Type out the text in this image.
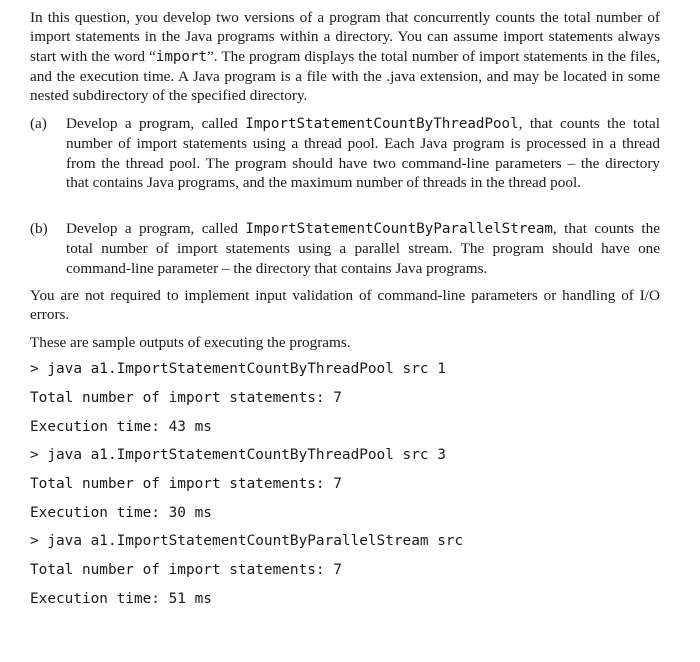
In this question, you develop two versions of a program that concurrently counts the total number of import statements in the Java programs within a directory. You can assume import statements always start with the word “import”. The program displays the total number of import statements in the files, and the execution time. A Java program is a file with the .java extension, and may be located in some nested subdirectory of the specified directory.

(a)	Develop a program, called ImportStatementCountByThreadPool, that counts the total number of import statements using a thread pool. Each Java program is processed in a thread from the thread pool. The program should have two command-line parameters – the directory that contains Java programs, and the maximum number of threads in the thread pool.
(b)	Develop a program, called ImportStatementCountByParallelStream, that counts the total number of import statements using a parallel stream. The program should have one command-line parameter – the directory that contains Java programs.

You are not required to implement input validation of command-line parameters or handling of I/O errors.

These are sample outputs of executing the programs.

> java a1.ImportStatementCountByThreadPool src 1
Total number of import statements: 7
Execution time: 43 ms
> java a1.ImportStatementCountByThreadPool src 3
Total number of import statements: 7
Execution time: 30 ms
> java a1.ImportStatementCountByParallelStream src
Total number of import statements: 7
Execution time: 51 ms
